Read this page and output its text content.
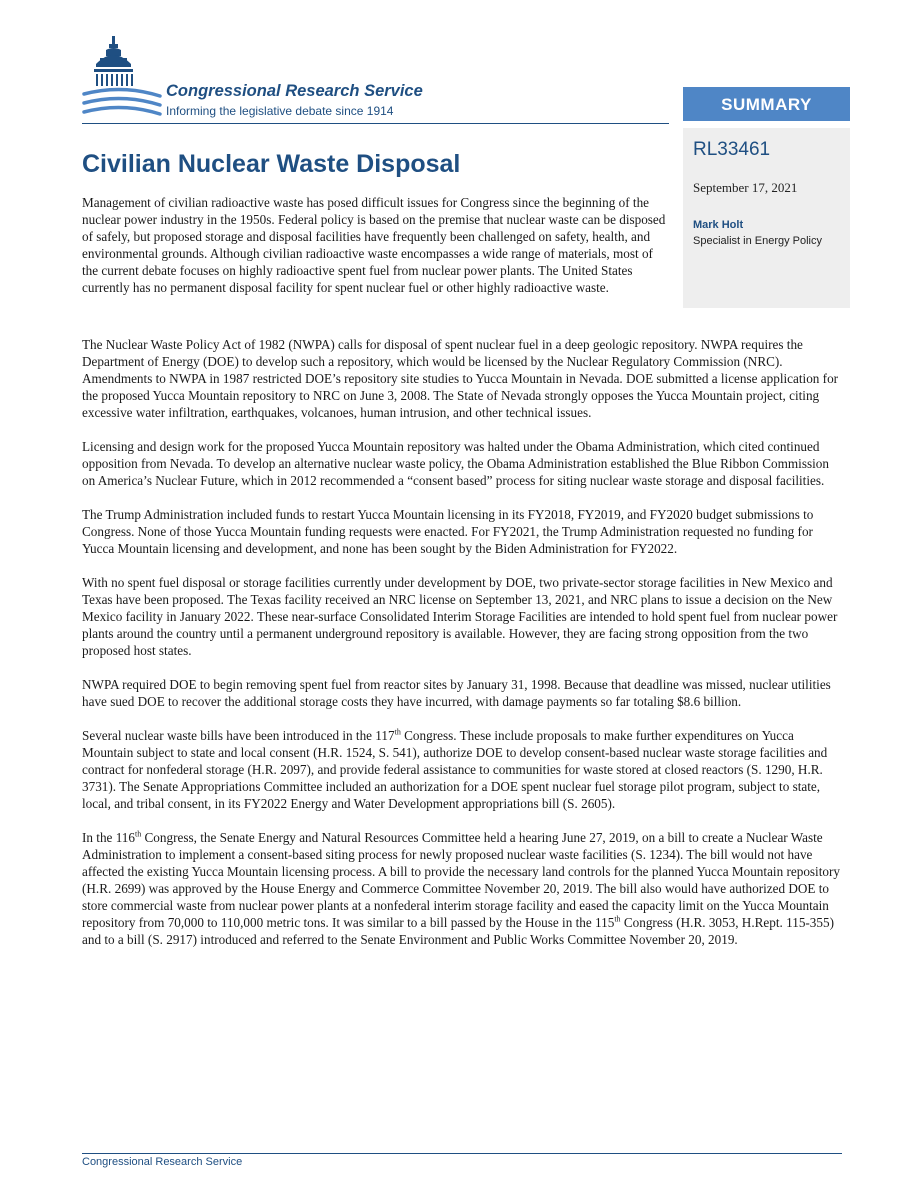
Congressional Research Service

Informing the legislative debate since 1914	SUMMARY

RL33461

September 17, 2021

Mark Holt

Specialist in Energy Policy

Civilian Nuclear Waste Disposal

Management of civilian radioactive waste has posed difficult issues for Congress since the beginning of the nuclear power industry in the 1950s. Federal policy is based on the premise that nuclear waste can be disposed of safely, but proposed storage and disposal facilities have frequently been challenged on safety, health, and environmental grounds. Although civilian radioactive waste encompasses a wide range of materials, most of the current debate focuses on highly radioactive spent fuel from nuclear power plants. The United States currently has no permanent disposal facility for spent nuclear fuel or other highly radioactive waste.

The Nuclear Waste Policy Act of 1982 (NWPA) calls for disposal of spent nuclear fuel in a deep geologic repository. NWPA requires the Department of Energy (DOE) to develop such a repository, which would be licensed by the Nuclear Regulatory Commission (NRC). Amendments to NWPA in 1987 restricted DOE’s repository site studies to Yucca Mountain in Nevada. DOE submitted a license application for the proposed Yucca Mountain repository to NRC on June 3, 2008. The State of Nevada strongly opposes the Yucca Mountain project, citing excessive water infiltration, earthquakes, volcanoes, human intrusion, and other technical issues.

Licensing and design work for the proposed Yucca Mountain repository was halted under the Obama Administration, which cited continued opposition from Nevada. To develop an alternative nuclear waste policy, the Obama Administration established the Blue Ribbon Commission on America’s Nuclear Future, which in 2012 recommended a “consent based” process for siting nuclear waste storage and disposal facilities.

The Trump Administration included funds to restart Yucca Mountain licensing in its FY2018, FY2019, and FY2020 budget submissions to Congress. None of those Yucca Mountain funding requests were enacted. For FY2021, the Trump Administration requested no funding for Yucca Mountain licensing and development, and none has been sought by the Biden Administration for FY2022.

With no spent fuel disposal or storage facilities currently under development by DOE, two private-sector storage facilities in New Mexico and Texas have been proposed. The Texas facility received an NRC license on September 13, 2021, and NRC plans to issue a decision on the New Mexico facility in January 2022. These near-surface Consolidated Interim Storage Facilities are intended to hold spent fuel from nuclear power plants around the country until a permanent underground repository is available. However, they are facing strong opposition from the two proposed host states.

NWPA required DOE to begin removing spent fuel from reactor sites by January 31, 1998. Because that deadline was missed, nuclear utilities have sued DOE to recover the additional storage costs they have incurred, with damage payments so far totaling $8.6 billion.

Several nuclear waste bills have been introduced in the 117th Congress. These include proposals to make further expenditures on Yucca Mountain subject to state and local consent (H.R. 1524, S. 541), authorize DOE to develop consent-based nuclear waste storage facilities and contract for nonfederal storage (H.R. 2097), and provide federal assistance to communities for waste stored at closed reactors (S. 1290, H.R. 3731). The Senate Appropriations Committee included an authorization for a DOE spent nuclear fuel storage pilot program, subject to state, local, and tribal consent, in its FY2022 Energy and Water Development appropriations bill (S. 2605).

In the 116th Congress, the Senate Energy and Natural Resources Committee held a hearing June 27, 2019, on a bill to create a Nuclear Waste Administration to implement a consent-based siting process for newly proposed nuclear waste facilities (S. 1234). The bill would not have affected the existing Yucca Mountain licensing process. A bill to provide the necessary land controls for the planned Yucca Mountain repository (H.R. 2699) was approved by the House Energy and Commerce Committee November 20, 2019. The bill also would have authorized DOE to store commercial waste from nuclear power plants at a nonfederal interim storage facility and eased the capacity limit on the Yucca Mountain repository from 70,000 to 110,000 metric tons. It was similar to a bill passed by the House in the 115th Congress (H.R. 3053, H.Rept. 115-355) and to a bill (S. 2917) introduced and referred to the Senate Environment and Public Works Committee November 20, 2019.

Congressional Research Service
